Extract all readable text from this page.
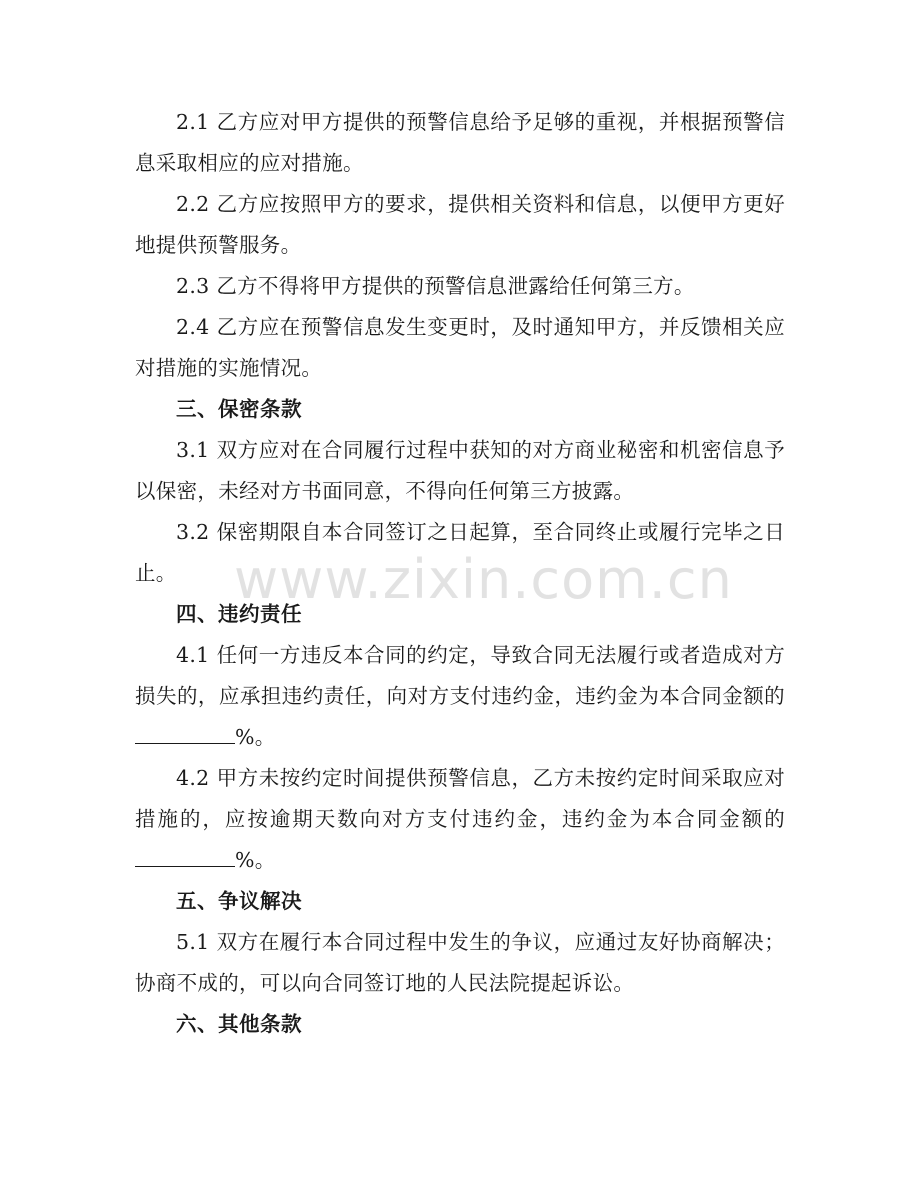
2.1 乙方应对甲方提供的预警信息给予足够的重视，并根据预警信息采取相应的应对措施。

2.2 乙方应按照甲方的要求，提供相关资料和信息，以便甲方更好地提供预警服务。

2.3 乙方不得将甲方提供的预警信息泄露给任何第三方。

2.4 乙方应在预警信息发生变更时，及时通知甲方，并反馈相关应对措施的实施情况。

三、保密条款

3.1 双方应对在合同履行过程中获知的对方商业秘密和机密信息予以保密，未经对方书面同意，不得向任何第三方披露。

3.2 保密期限自本合同签订之日起算，至合同终止或履行完毕之日止。

四、违约责任

4.1 任何一方违反本合同的约定，导致合同无法履行或者造成对方损失的，应承担违约责任，向对方支付违约金，违约金为本合同金额的%。

4.2 甲方未按约定时间提供预警信息，乙方未按约定时间采取应对措施的，应按逾期天数向对方支付违约金，违约金为本合同金额的%。

五、争议解决

5.1 双方在履行本合同过程中发生的争议，应通过友好协商解决；协商不成的，可以向合同签订地的人民法院提起诉讼。

六、其他条款

www.zixin.com.cn
